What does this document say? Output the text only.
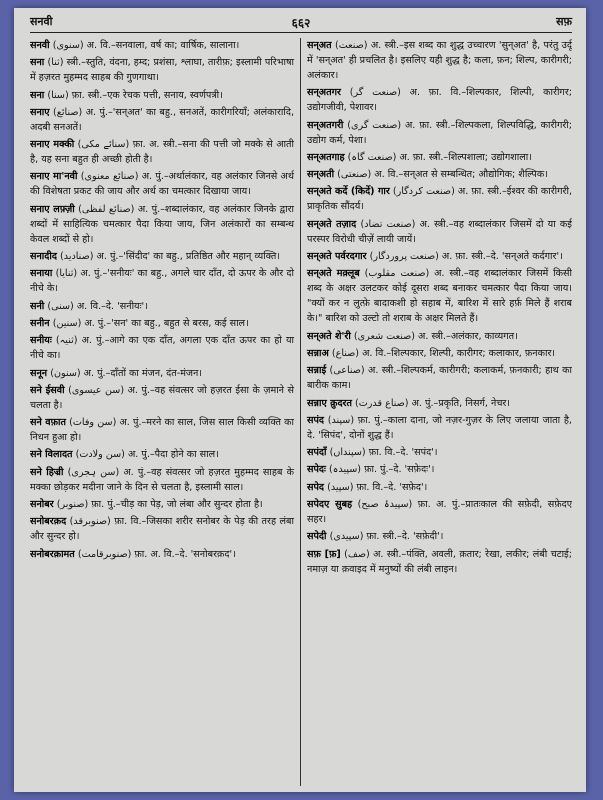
सनवी	६६२	सफ़

सनवी (سنوی) अ. वि.–सनवाला, वर्ष का; वार्षिक, सालाना।

सना (ثنا) स्त्री.–स्तुति, वंदना, हम्द; प्रशंसा, श्लाघा, तारीफ़; इस्लामी परिभाषा में हज़रत मुहम्मद साहब की गुणगाथा।

सना (سنا) फ़ा. स्त्री.–एक रेचक पत्ती, सनाय, स्वर्णपत्री।

सनाए (صنائع) अ. पुं.–'सन्अत' का बहु., सनअतें, कारीगरियाँ; अलंकारादि, अदबी सनअतें।

सनाए मक्की (سنائے مکی) फ़ा. अ. स्त्री.–सना की पत्ती जो मक्के से आती है, यह सना बहुत ही अच्छी होती है।

सनाए मा'नवी (صنائع معنوی) अ. पुं.–अर्थालंकार, वह अलंकार जिनसे अर्थ की विशेषता प्रकट की जाय और अर्थ का चमत्कार दिखाया जाय।

सनाए लफ़्ज़ी (صنائع لفظی) अ. पुं.–शब्दालंकार, वह अलंकार जिनके द्वारा शब्दों में साहित्यिक चमत्कार पैदा किया जाय, जिन अलंकारों का सम्बन्ध केवल शब्दों से हो।

सनादीद (صنادید) अ. पुं.–'सिंदीद' का बहु., प्रतिष्ठित और महान् व्यक्ति।

सनाया (ثنایا) अ. पुं.–'सनीयः' का बहु., अगले चार दाँत, दो ऊपर के और दो नीचे के।

सनी (سنی) अ. वि.–दे. 'सनीयः'।

सनीन (سنین) अ. पुं.–'सन' का बहु., बहुत से बरस, कई साल।

सनीयः (ثنیہ) अ. पुं.–आगे का एक दाँत, अगला एक दाँत ऊपर का हो या नीचे का।

सनून (سنون) अ. पुं.–दाँतों का मंजन, दंत-मंजन।

सने ईसवी (سن عیسوی) अ. पुं.–वह संवत्सर जो हज़रत ईसा के ज़माने से चलता है।

सने वफ़ात (سن وفات) अ. पुं.–मरने का साल, जिस साल किसी व्यक्ति का निधन हुआ हो।

सने विलादत (سن ولادت) अ. पुं.–पैदा होने का साल।

सने हिज्री (سن ہجری) अ. पुं.–वह संवत्सर जो हज़रत मुहम्मद साहब के मक्का छोड़कर मदीना जाने के दिन से चलता है, इस्लामी साल।

सनोबर (صنوبر) फ़ा. पुं.–चीड़ का पेड़, जो लंबा और सुन्दर होता है।

सनोबरक़द (صنوبرقد) फ़ा. वि.–जिसका शरीर सनोबर के पेड़ की तरह लंबा और सुन्दर हो।

सनोबरक़ामत (صنوبرقامت) फ़ा. अ. वि.–दे. 'सनोबरक़द'।

सन्अत (صنعت) अ. स्त्री.–इस शब्द का शुद्ध उच्चारण 'सुन्अत' है, परंतु उर्दू में 'सन्अत' ही प्रचलित है। इसलिए यही शुद्ध है; कला, फ़न; शिल्प, कारीगरी; अलंकार।

सन्अतगर (صنعت گر) अ. फ़ा. वि.–शिल्पकार, शिल्पी, कारीगर; उद्योगजीवी, पेशावर।

सन्अतगरी (صنعت گری) अ. फ़ा. स्त्री.–शिल्पकला, शिल्पविद्धि, कारीगरी; उद्योग कर्म, पेशा।

सन्अतगाह (صنعت گاہ) अ. फ़ा. स्त्री.–शिल्पशाला; उद्योगशाला।

सन्अती (صنعتی) अ. वि.–सन्अत से सम्बन्धित; औद्योगिक; शैल्पिक।

सन्अते कर्दे (किर्दे) गार (صنعت کردگار) अ. फ़ा. स्त्री.–ईश्वर की कारीगरी, प्राकृतिक सौंदर्य।

सन्अते तज़ाद (صنعت تضاد) अ. स्त्री.–वह शब्दालंकार जिसमें दो या कई परस्पर विरोधी चीज़ें लायी जायें।

सन्अते पर्वरदगार (صنعت پروردگار) अ. फ़ा. स्त्री.–दे. 'सन्अते कर्दगार'।

सन्अते मक़्लूब (صنعت مقلوب) अ. स्त्री.–वह शब्दालंकार जिसमें किसी शब्द के अक्षर उलटकर कोई दूसरा शब्द बनाकर चमत्कार पैदा किया जाय। "क्यों कर न लुत्फ़े बादाकशी हो सहाब में, बारिश में सारे हर्फ़ मिले हैं शराब के।" बारिश को उल्टो तो शराब के अक्षर मिलते हैं।

सन्अते शे'री (صنعت شعری) अ. स्त्री.–अलंकार, काव्यगत।

सन्नाअ (صناع) अ. वि.–शिल्पकार, शिल्पी, कारीगर; कलाकार, फ़नकार।

सन्नाई (صناعی) अ. स्त्री.–शिल्पकर्म, कारीगरी; कलाकर्म, फ़नकारी; हाथ का बारीक काम।

सन्नाए क़ुदरत (صناع قدرت) अ. पुं.–प्रकृति, निसर्ग, नेचर।

सपंद (سپند) फ़ा. पुं.–काला दाना, जो नज़र-गुज़र के लिए जलाया जाता है, दे. 'सिपंद', दोनों शुद्ध हैं।

सपंदाँ (سپنداں) फ़ा. वि.–दे. 'सपंद'।

सपेदः (سپیدہ) फ़ा. पुं.–दे. 'सफ़ेदः'।

सपेद (سپید) फ़ा. वि.–दे. 'सफ़ेद'।

सपेदए सुबह (سپیدۂ صبح) फ़ा. अ. पुं.–प्रातःकाल की सफ़ेदी, सफ़ेदए सहर।

सपेदी (سپیدی) फ़ा. स्त्री.–दे. 'सफ़ेदी'।

सफ़ [फ़] (صف) अ. स्त्री.–पंक्ति, अवली, क़तार; रेखा, लकीर; लंबी चटाई; नमाज़ या क़वाइद में मनुष्यों की लंबी लाइन।
